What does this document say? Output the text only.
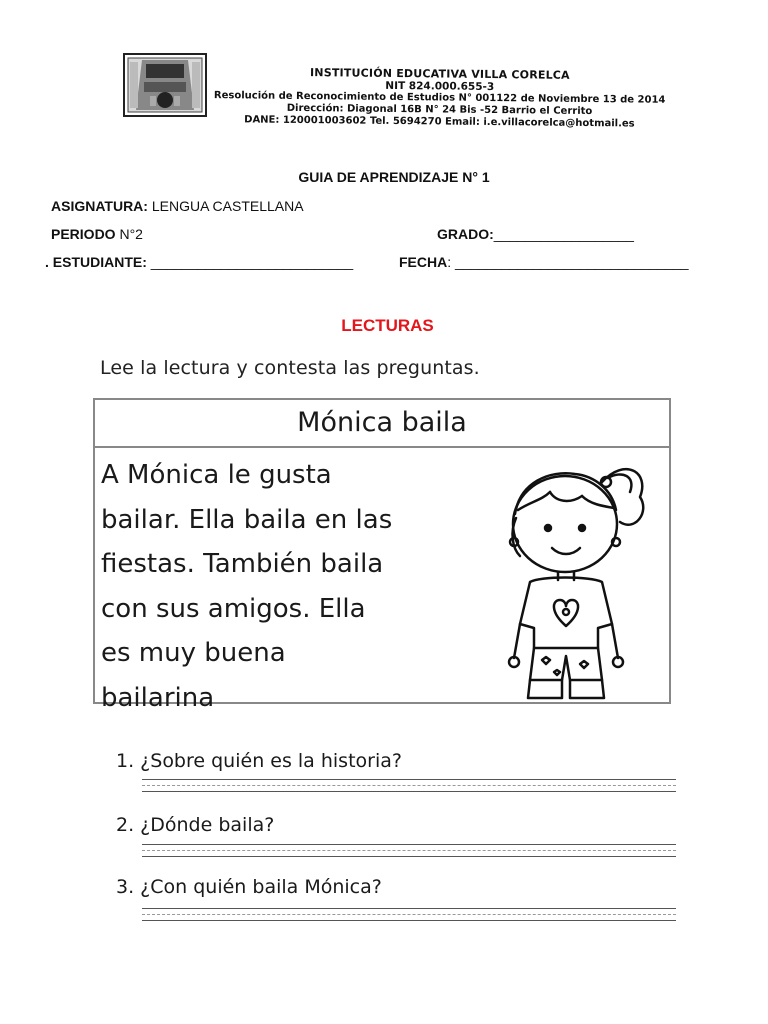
INSTITUCIÓN EDUCATIVA VILLA CORELCA
NIT 824.000.655-3
Resolución de Reconocimiento de Estudios N° 001122 de Noviembre 13 de 2014
Dirección: Diagonal 16B N° 24 Bis -52 Barrio el Cerrito
DANE: 120001003602 Tel. 5694270 Email: i.e.villacorelca@hotmail.es
GUIA DE APRENDIZAJE N° 1
ASIGNATURA: LENGUA CASTELLANA
PERIODO N°2	GRADO:__________________
. ESTUDIANTE: __________________________	FECHA: ______________________________
LECTURAS
Lee la lectura y contesta las preguntas.
Mónica baila
A Mónica le gusta
bailar. Ella baila en las
fiestas. También baila
con sus amigos. Ella
es muy buena
bailarina
1. ¿Sobre quién es la historia?
2. ¿Dónde baila?
3. ¿Con quién baila Mónica?
